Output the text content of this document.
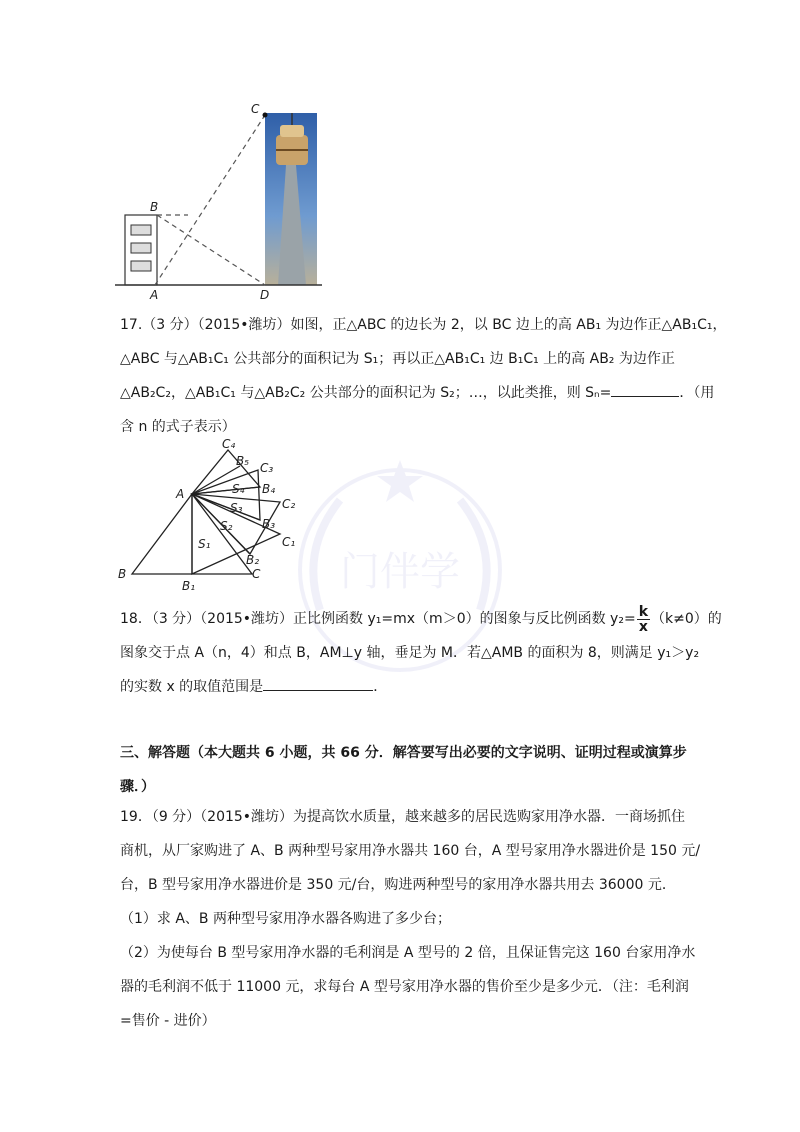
门伴学
C
B
A	D
17.（3 分）（2015•潍坊）如图，正△ABC 的边长为 2，以 BC 边上的高 AB₁ 为边作正△AB₁C₁，
△ABC 与△AB₁C₁ 公共部分的面积记为 S₁；再以正△AB₁C₁ 边 B₁C₁ 上的高 AB₂ 为边作正
△AB₂C₂，△AB₁C₁ 与△AB₂C₂ 公共部分的面积记为 S₂；…，以此类推，则 Sₙ=	．（用
含 n 的式子表示）
C₄
B₅ C₃
A	S₄ B₄
S₃	C₂
S₂ B₃
C₁
S₁
B₂
B
B₁
C
18．（3 分）（2015•潍坊）正比例函数 y₁=mx（m＞0）的图象与反比例函数 $y_2= \frac{k}{x} (k\ne 0)$的
图象交于点 A（n，4）和点 B，AM⊥y 轴，垂足为 M．若△AMB 的面积为 8，则满足 y₁＞y₂
的实数 x 的取值范围是	．
三、解答题（本大题共 6 小题，共 66 分．解答要写出必要的文字说明、证明过程或演算步
骤．）
19．（9 分）（2015•潍坊）为提高饮水质量，越来越多的居民选购家用净水器．一商场抓住
商机，从厂家购进了 A、B 两种型号家用净水器共 160 台，A 型号家用净水器进价是 150 元/
台，B 型号家用净水器进价是 350 元/台，购进两种型号的家用净水器共用去 36000 元．
（1）求 A、B 两种型号家用净水器各购进了多少台；
（2）为使每台 B 型号家用净水器的毛利润是 A 型号的 2 倍，且保证售完这 160 台家用净水
器的毛利润不低于 11000 元，求每台 A 型号家用净水器的售价至少是多少元．（注：毛利润
=售价 - 进价）
